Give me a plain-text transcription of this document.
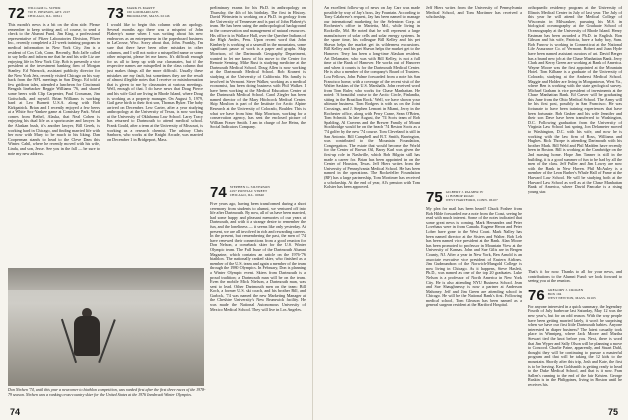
72 WILLIAM G. SCHUR
720 E. PIERSON, APT. 2107
CHICAGO, ILL. 60611
This month's news is a bit on the slim side. Please remember to keep writing and, of course, to send a check to the Alumni Fund. Jim King, a professional representative of Pfizer Laboratories Division, Pfizer Inc., recently completed a 21-week training program in medical information in New York City. Jim is a resident of Cos Cob, Conn. Recently, Bob Jaffe called to say hello and inform me that he and his wife Liz are enjoying life in New York City. Bob is presently a vice president at the investment banking firm of Morgan Stanley. Ed Warnock, assistant publicity director for the New York Jets, recently visited Chicago on his way back from the NFL meetings in San Diego. Ed told a few gridiron tales, attended a luncheon for Cincinnati Bengals linebacker Reggie Williams '76, and shared some beers with Clip Carpenter, Paul Crossman, Jim Gottschalk, and myself. Brian Williams is working hard at Leo Burnett U.S.A. along with Bob Kirkpatrick. Brian and I recently enjoyed a few beers at a White Sox-Yankee game at Comiskey Park. Word comes from Bethel, Alaska, that Neal Cohen is enjoying his dual life as a sportscaster and lawyer. In the Alaskan bush, it's another lawyer, Bill Gerek, is working hard in Chicago, and finding married life with her now with Mary to be much to his liking. Dan Cooperman stands to head to the Cleve Dam this Winter. Cahil, where he recently moved with his wife, Linda, and son, Jesse. See you in the fall — be sure to note my new address.
73 MARK H. MARTY
160 GODDARD AVE.
BROOKLINE, MASS. 02146
I would like to begin this column with an apology. Several months ago there was a misprint of John Flaherty's name when I was writing about his new endeavors as an entrepreneur in the paperboard business in LaCrosse, Wisc. Sorry about that, John. Frankly, I'm sure that there have been other mistakes in other columns, and I will not notice a misspelled name or some other misprint, please let me know. It's difficult enough for us all to keep up with our classmates, but if the respective names are misspelled in the class column that just makes things all the more difficult. Usually these mistakes are my fault, but sometimes they are the result of almost illegible notes that I receive or misinformation that is given to me by classmates at various meetings. Well, enough of that. I do have news that Doug Pierce and his wife Gail are living in Rhode Island, where Doug is working as a property manager. On August 5, 1979, Gail gave birth to their first son, Thomas Ryker. The baby arrived on December. Lew Carter, after a year studying anthropology at the University of Texas, is now working at the University of Oklahoma Law School. Larry Tracy has returned to Dartmouth to attend medical school. Frank Gould, after a term at the University of Missouri, is working as a research chemist. The ashtray Chris Sanborn, who works at the Knight Arcade, was married on December 1 in Bridgeport, Mass.
preliminary exams for his Ph.D. in anthropology on Thursday, the 4th of his birthday. The first in History. David Weinstein is working on a Ph.D. in geology from the University of Tennessee and is part of John Flaherty's team. He has been using the anthropological background in the conservation and management of natural resources. His office is in Wallace Hall, over the Quechee Indians of the High Andes, Peru. Upon recent word that John Kimberly is working at a sawmill in the mountains, some significant pause of work is a paper and graphs. Skip Morrison, of the Dartmouth Geography Department, wanted to let me know of his move to the Center for Remote Sensing. Mike Rust is studying medicine at the Dartmouth Medical School. Doug Allen is now working at the Dartmouth Medical School. Bob Kranert is studying at the University of California. His family is involved in Vermont. Steve Walker, working as a medical economist, has been doing business with Phil Walker. I have been working at the Medical Education Center at the Dartmouth Medical School. Carol Ziegler has been named director of the Mary Hitchcock Medical Center. Skip Moulton is part of the Institute for Arctic Alpine Research at the University of Colorado, Boulder. This is what we have from him: Skip Morrison, working for a conservation agency, has sent the enclosed picture of William Fraser Smith. I am in charge of Joe Heins, the Social Indicators Company.
74 STEPHEN G. SILVERSON
4197 PONTIAC STREET
CHICAGO, ILL. 60640
Five years ago, having been transformed during a short ceremony from students to alumni, we ventured off into life after Dartmouth. By now, all of us have been married, had some happy and pleasant memories of our years at Dartmouth, and with it a strange desire to remember the fun, and the loneliness — it seems like only yesterday. At present, we are all involved in rich and rewarding careers. In the present, but remembering the past, the men of '74 have renewed their connections from a good reunion for Don Nelson, a comeback skier for the U.S. Winter Olympic team. The Fall Issue of the Dartmouth Alumni Magazine, which contains an article on the 1976-'76 biathlon. The nationally ranked skier, who finished as a member of the U.S. team and again a member of the team through the 1980 Olympics. In February, Don is planning a Winter Olympic event. Skiers from Dartmouth is a proud tradition; a Dartmouth man will be on the team. Even the mobile Mick Nielson, a Dartmouth man, was sent to lead. Other Dartmouth men on the team: Bill Koch, a former U.S. ski coach, and his brother Bill, and Garlock, '74 was named the new Marketing Manager at the Cheshire University's New Brunswick facility. He was made the National Autonomous University of Mexico Medical School. They will live in Los Angeles.
Don Nielsen '74, until this year a newcomer to biathlon competition, was ranked first after the first three races of the 1978-79 season. Nielsen was a ranking cross-country skier for the United States at the 1976 Innsbruck Winter Olympics.
74
An excellent follow-up of news on Jay Carr was made possible by way of Jay's boss, Jay Fountain. According to Tony Calabrese's request, Jay has been named to manage our international marketing for the Selentron Corp. at Rochester's office in Marietta, Md., while living in Rockville, Md. He noted that he will represent a large manufacturer of solar cells and solar energy systems. In the spare time, his colleague Bill Kelley and his pet Shawn helps the market get its wilderness excursions. Bill Kelley and his pet Shawn helps the market get to the Hanover. Terry has been a long-time Alaskan resident. Art Delamater, who was with Bill Kelley, is not a full time at the Bank of Hanover. He works out of Hanover and when it counts is for the Dartmouth Medical Center. He is also a member of the company's Board of Trustees. Lou Fellows, John Palme forwarded from a note his San Francisco home, with a coverage of the recent visit of the Walter Saskins of the U.S. Marshalls. John received word from Tom Ruler, who works for Chase Manhattan. He noted: 'A beautiful cruise to the Arctic Circle, Finlandia, sitting in the Brazilian Rock.' Well, we have shown your ultimate business. Tom Rodgers is with us on the Joint Crossings, and J. Stephen Lemont in Miami, Jerry in the Rochester office, along with Perry Crane, Sean O'Brien, Tom Schmitt. In late August, the '74 Scots team of Rob Spalding, Al Cravens and the Brewer Family of Mount Stockbridge would be on the beach '74 Reston Scots as a '74 golfer by the new '74 course. Tom Cleveland is still in San Antonio. Bill Campbell and B.T. Smith, Barrington, was contributed to the Mountain Foundation, Congregation. The estate that would become the World for the Center of Brown Oil, Barry Karl was given the first-up role in Nashville, which Bob Bilgrin still has made a career for. Brian has been appointed in on the Center of Houston, Texas. Jeff Hiers writes from the University of Pennsylvania Medical School. He has been named in the operations. The Rockefeller Foundation (RF) has a large partnership, Tom Mortimer has received a scholarship. At the end of year, Al's pension with Tom Kolster has been approved.
Jeff Hiers writes from the University of Pennsylvania Medical School, and Tom Mortimer has received a scholarship.
75 GILBERT J. PALMER IV
11 BISHOP ROAD
WEST HARTFORD, CONN. 06107
My plea for mail has been heard! Chuck Foshee from Bob Hilde forwarded me a note from the Coast, seeing he read with much interest. Some of the notes indicated that some great news is coming. Mark Hernandez and Peter Lovehaus were in from Canada. Eugene Heron and Peter Lober have gone to the West Coast. Mark Nalley has been named director at the Sisters and Walter. Bob Leh has been named vice president at the Bank. Alan Moore has been promoted to professor in Mountain View at the University of Kansas. John and Sue Gilis are in Bergen County, NJ. After a year in New York, Ben Arnold is an associate executive vice president of Eastern Airlines. Jim Gudmundson of the Norwich-Mangold College is now living in Chicago. As it happens, Steve Haslett, Ph.D., was named as one of the top 20 graduates. Luke Nelson is a professor of North America in New York City. He is also attending NYU Business School. Jean and Sue Shaughnessy is now a partner at Anderson Mahoney. Jeff and Jim Green are attending school in Chicago. He will be the National Bank's first. Following medical school, Tom Gleason has been named as a general surgeon resident at the Hartford Hospital.
orthopaedic residency program at the University of Illinois Medical Center in July of last year. The July of this year he will attend the Medical College of Wisconsin in Milwaukee, pursuing his M.S. in biological oceanography at the Graduate School of Oceanography at the University of Rhode Island. Henry Eastman has been awarded a Ph.D. in English. Ron Gibson and his wife, Patricia, have a baby boy, Sam. Bob Farrow is working in Connecticut at the National Life Assurance Co. of Vermont. Robert and Joan Hyde have been named assistant curators of art. David Berger has a brand new job at the Chase Manhattan Bank. Jerry Clark and Kerry Green are working at Bank of America. Wayne Moore was the first appointed at the Mountain Hotel. Tom Kilbane is a graduate of the University of Colorado, studying at the Amherst Medical School. Maggie and Holder are living in Morgantown, West Va., where Ben is working with the state geological survey. Michael Graham is vice president of investments at the Chase Manhattan Bank. Ed Carver will be graduating this June from the Ohio Medical School. The Army will be his first post, possibly in San Francisco. He was fortunate to have been training experiences that have been fortunate. Bob Gruber and his wife Jennifer and their son Dave have been transferred to Washington, D.C. Following graduation from the University of Virginia Law School last spring, Jon Delameter moved to Washington, D.C. with his wife, and now he is working with the law firm of Ross, Williams and Hughes. Rick Thorpe is attending Dartmouth with his brother Mark. Bill Weld and Phil Madden have recently been in Boston. Bill is working at the Cambridge on the 2nd nursing home. Hope Jim Tanner is still in the building, it is a good summer of fun to be had by all the men of the class. Jeff Fuller and Jim Lowry are now with the Bank in New Haven. Phil McAuley is a member of the Leon Barber's Whale Hall of Fame at the Harvard Law School. He will be studying both at the Harvard Law School as well as at the Chase Manhattan Bank of America, where David Pancake is a rising young star.
That's it for now. Thanks to all for your news, and contributions to the Alumni Fund: we look forward to seeing you at the reunion.
76 GREGORY J. CROGEN
BOX 194
WEST NEWTON, MASS. 02165
For anyone interested in a quick summary, the legendary Fourth of July barbecue last Saturday, May 12 was the new year's, but for an odd reason. With the way people have been getting married lately, it won't be surprising when we have our first little Dartmouth babies. Anyone interested in diaper business? The latest casualty took place in Winnipeg, where Jack Moore and Martha Stewart tied the knot before you. Next, there is word that Jim Wyper and Sally Olson will be planning a move to Concord. Charlie Paine, apparently, and Stuart Dahl, thought they will be continuing to pursue a masterful program and that will be taking the 12 kids to the mountain. Shortly after this trip, Josh and Kate, the first is to be leaving. Ken Goldsmith is getting ready to head to the Duke Medical School, and that is it now. Fran Sallen's running to the end of the fair Kristen. George Ruskin is in the Philippines, living in Boston until he receives his.
75
